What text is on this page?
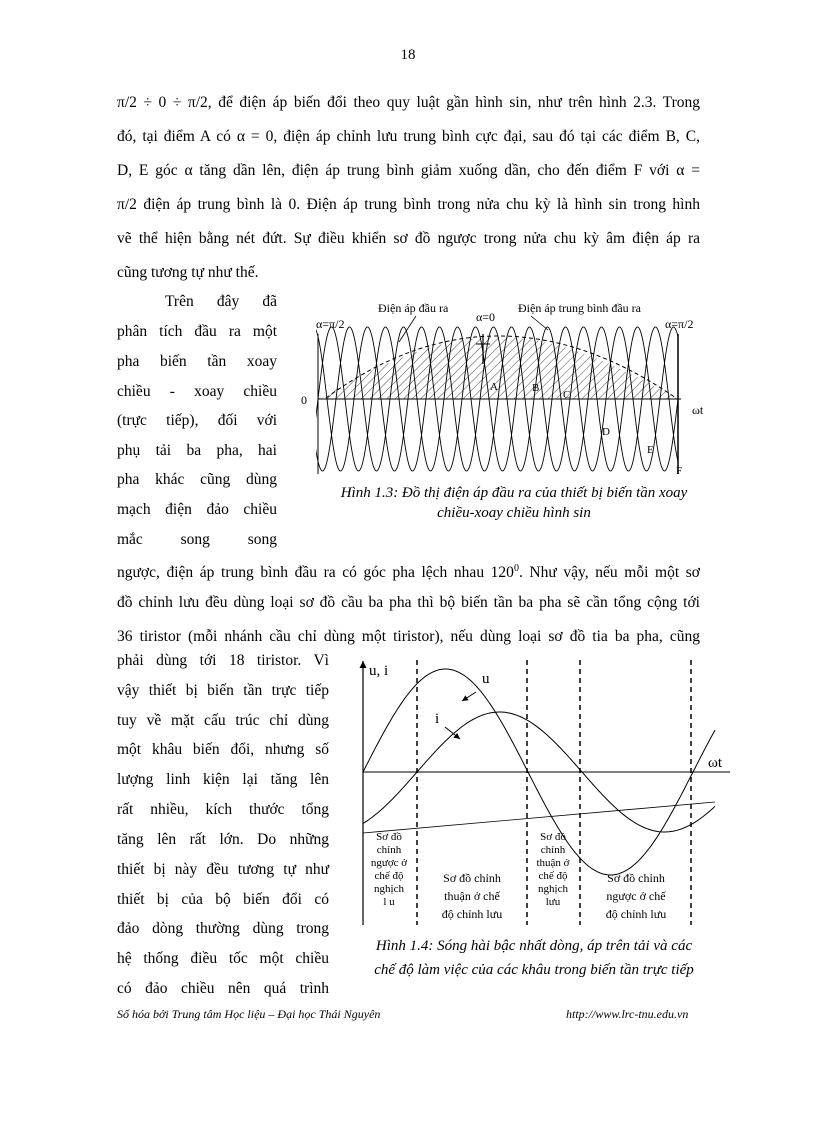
18
π/2 ÷ 0 ÷ π/2, để điện áp biến đổi theo quy luật gần hình sin, như trên hình 2.3. Trong
đó, tại điểm A có α = 0, điện áp chỉnh lưu trung bình cực đại, sau đó tại các điểm B, C,
D, E góc α tăng dần lên, điện áp trung bình giảm xuống dần, cho đến điểm F với α =
π/2 điện áp trung bình là 0. Điện áp trung bình trong nửa chu kỳ là hình sin trong hình
vẽ thể hiện bằng nét đứt. Sự điều khiển sơ đồ ngược trong nửa chu kỳ âm điện áp ra
cũng tương tự như thế.
Trên đây đã
phân tích đầu ra một
pha biến tần xoay
chiều - xoay chiều
(trực tiếp), đối với
phụ tải ba pha, hai
pha khác cũng dùng
mạch điện đảo chiều
mắc song song
α=π/2
Điện áp đầu ra
α=0
Điện áp trung bình đầu ra
α=π/2
0
ωt
A	B
C
D
E
F
Hình 1.3: Đồ thị điện áp đầu ra của thiết bị biến tần xoay
chiều-xoay chiều hình sin
ngược, điện áp trung bình đầu ra có góc pha lệch nhau $120^0$. Như vậy, nếu mỗi một sơ
đồ chỉnh lưu đều dùng loại sơ đồ cầu ba pha thì bộ biến tần ba pha sẽ cần tổng cộng tới
36 tiristor (mỗi nhánh cầu chỉ dùng một tiristor), nếu dùng loại sơ đồ tia ba pha, cũng
phải dùng tới 18 tiristor. Vì
vậy thiết bị biến tần trực tiếp
tuy về mặt cấu trúc chỉ dùng
một khâu biến đổi, nhưng số
lượng linh kiện lại tăng lên
rất nhiều, kích thước tổng
tăng lên rất lớn. Do những
thiết bị này đều tương tự như
thiết bị của bộ biến đổi có
đảo dòng thường dùng trong
hệ thống điều tốc một chiều
có đảo chiều nên quá trình
u, i	u
i
ωt
Sơ đồ
chỉnh
ngược ở
chế độ
nghịch
l u
Sơ đồ chỉnh
thuận ở chế
độ chỉnh lưu
Sơ đồ
chỉnh
thuận ở
chế độ
nghịch
lưu
Sơ đồ chỉnh
ngược ở chế
độ chỉnh lưu
Hình 1.4: Sóng hài bậc nhất dòng, áp trên tải và các
chế độ làm việc của các khâu trong biến tần trực tiếp
Số hóa bởi Trung tâm Học liệu – Đại học Thái Nguyên	http://www.lrc-tnu.edu.vn
